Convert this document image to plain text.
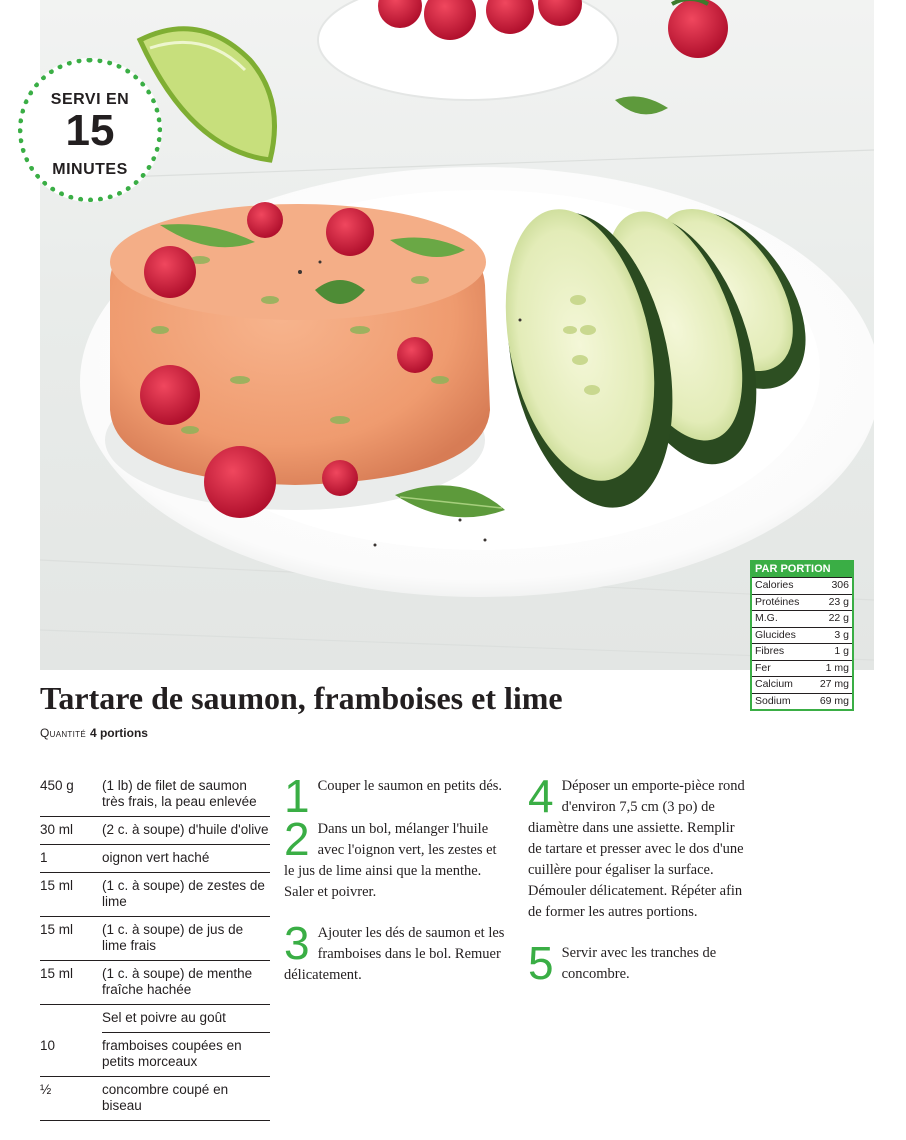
SERVI EN
15
MINUTES
PAR PORTION
Calories	306
Protéines	23 g
M.G.	22 g
Glucides	3 g
Fibres	1 g
Fer	1 mg
Calcium	27 mg
Sodium	69 mg
Tartare de saumon, framboises et lime
Quantité 4 portions
450 g	(1 lb) de filet de saumon très frais, la peau enlevée
30 ml	(2 c. à soupe) d'huile d'olive
1	oignon vert haché
15 ml	(1 c. à soupe) de zestes de lime
15 ml	(1 c. à soupe) de jus de lime frais
15 ml	(1 c. à soupe) de menthe fraîche hachée
Sel et poivre au goût
10	framboises coupées en petits morceaux
½	concombre coupé en biseau
1 Couper le saumon en petits dés.
2 Dans un bol, mélanger l'huile avec l'oignon vert, les zestes et le jus de lime ainsi que la menthe. Saler et poivrer.
3 Ajouter les dés de saumon et les framboises dans le bol. Remuer délicatement.
4 Déposer un emporte-pièce rond d'environ 7,5 cm (3 po) de diamètre dans une assiette. Remplir de tartare et presser avec le dos d'une cuillère pour égaliser la surface. Démouler délicatement. Répéter afin de former les autres portions.
5 Servir avec les tranches de concombre.
